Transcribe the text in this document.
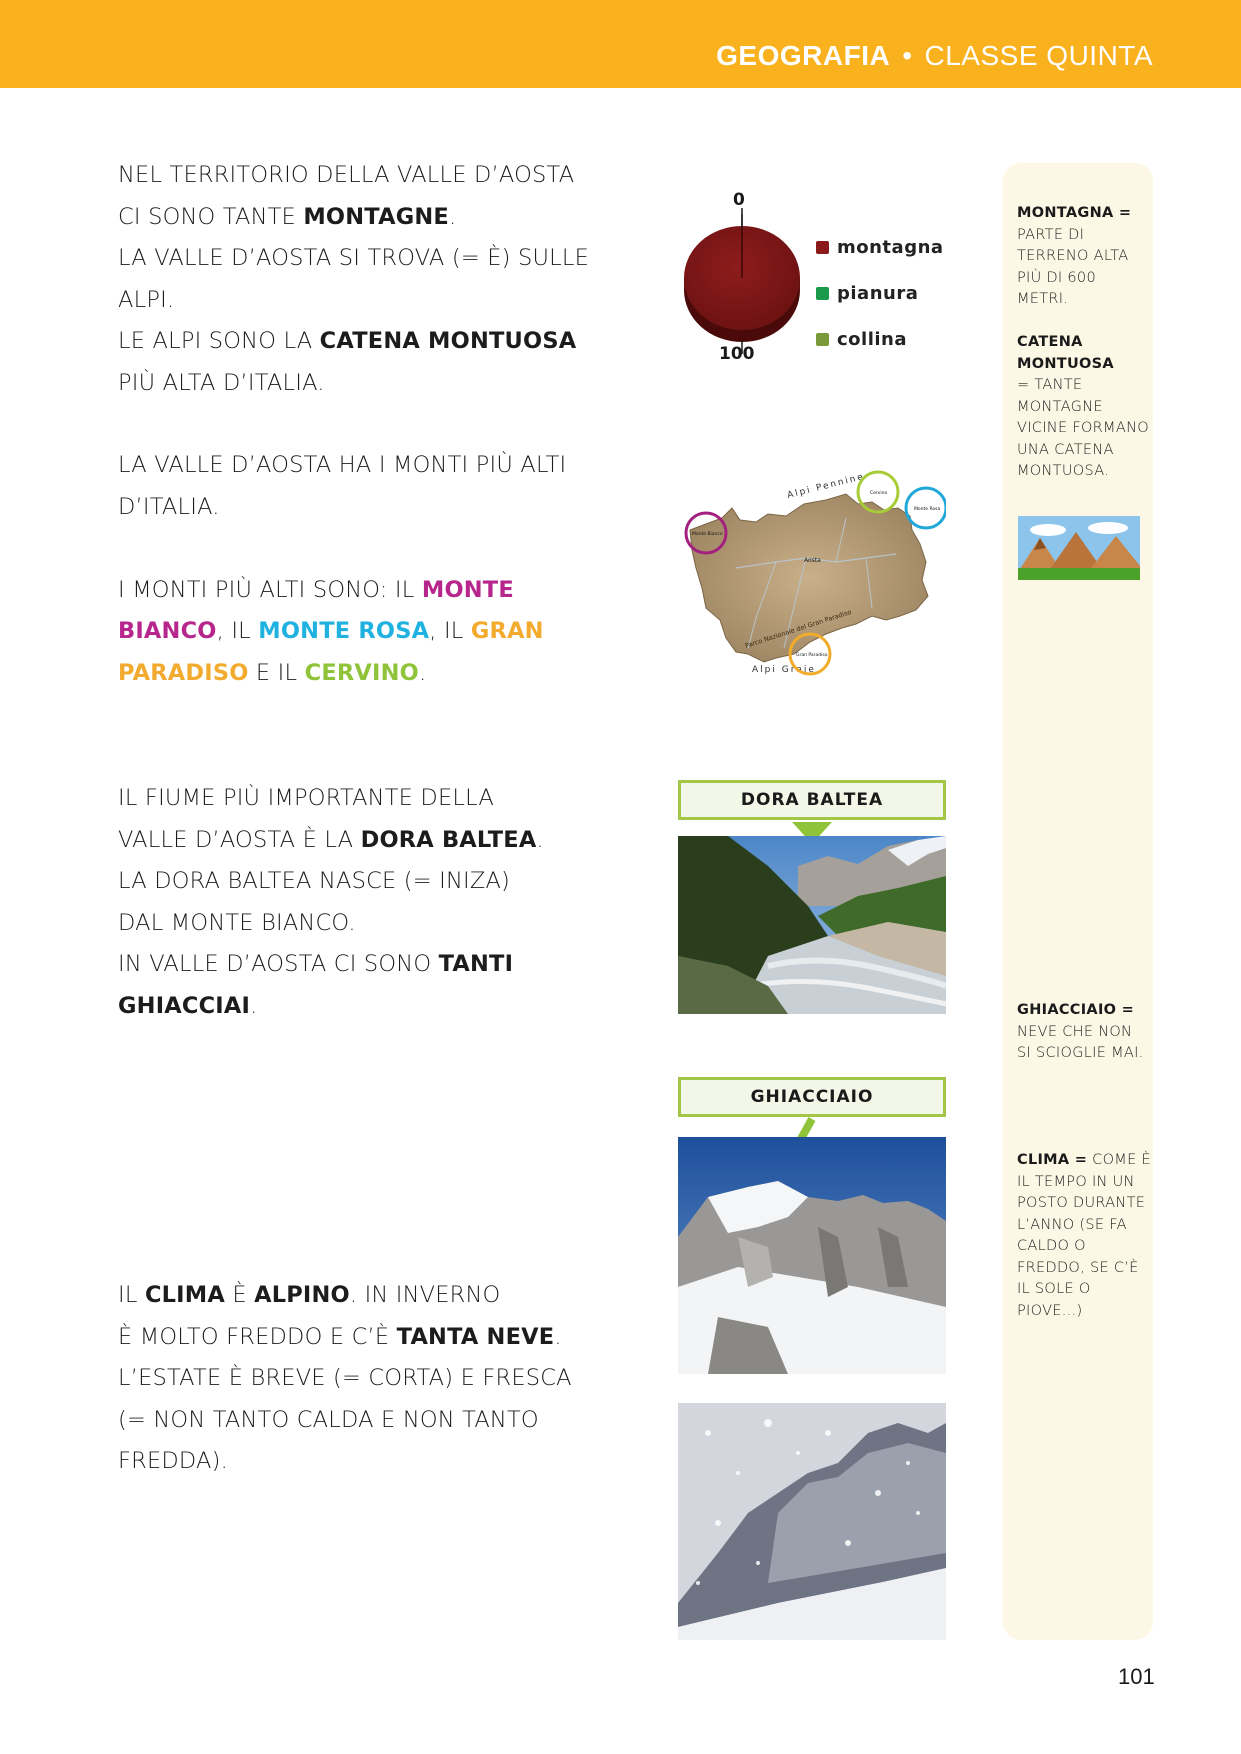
GEOGRAFIA • CLASSE QUINTA
NEL TERRITORIO DELLA VALLE D’AOSTA
CI SONO TANTE MONTAGNE.
LA VALLE D’AOSTA SI TROVA (= È) SULLE
ALPI.
LE ALPI SONO LA CATENA MONTUOSA
PIÙ ALTA D’ITALIA.
LA VALLE D’AOSTA HA I MONTI PIÙ ALTI
D’ITALIA.
I MONTI PIÙ ALTI SONO: IL MONTE
BIANCO, IL MONTE ROSA, IL GRAN
PARADISO E IL CERVINO.
IL FIUME PIÙ IMPORTANTE DELLA
VALLE D’AOSTA È LA DORA BALTEA.
LA DORA BALTEA NASCE (= INIZA)
DAL MONTE BIANCO.
IN VALLE D’AOSTA CI SONO TANTI
GHIACCIAI.
IL CLIMA È ALPINO. IN INVERNO
È MOLTO FREDDO E C’È TANTA NEVE.
L’ESTATE È BREVE (= CORTA) E FRESCA
(= NON TANTO CALDA E NON TANTO
FREDDA).
0
100
montagna
pianura
collina
Alpi Pennine
Alpi Graie
Parco Nazionale del Gran Paradiso
Aosta
Monte Bianco
Cervino
Monte Rosa
Gran Paradiso
DORA BALTEA
GHIACCIAIO
MONTAGNA = PARTE DI TERRENO ALTA PIÙ DI 600 METRI.
CATENA MONTUOSA
= TANTE MONTAGNE VICINE FORMANO UNA CATENA MONTUOSA.
GHIACCIAIO =
NEVE CHE NON SI SCIOGLIE MAI.
CLIMA = COME È IL TEMPO IN UN POSTO DURANTE L’ANNO (SE FA CALDO O FREDDO, SE C’È IL SOLE O PIOVE...)
101
